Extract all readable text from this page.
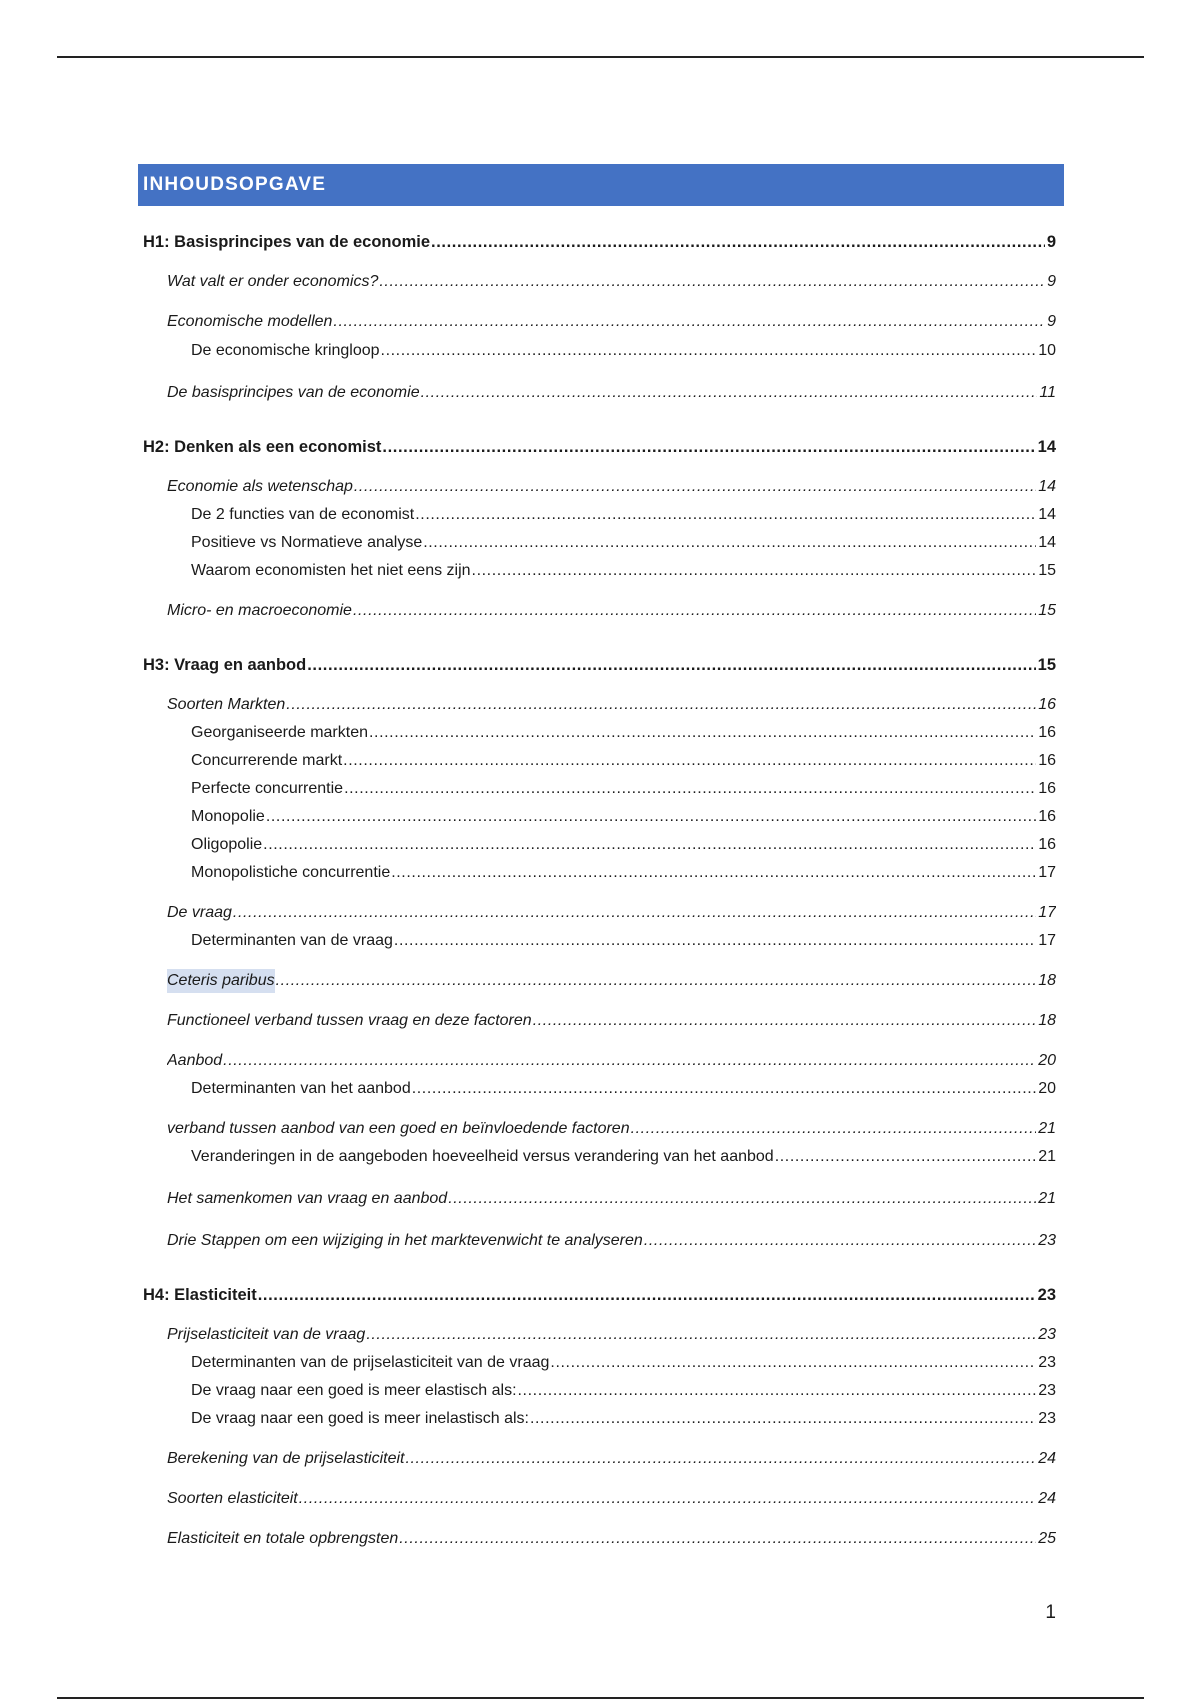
INHOUDSOPGAVE
H1: Basisprincipes van de economie .....	9
Wat valt er onder economics? .....	9
Economische modellen .....	9
De economische kringloop .....	10
De basisprincipes van de economie .....	11
H2: Denken als een economist .....	14
Economie als wetenschap .....	14
De 2 functies van de economist .....	14
Positieve vs Normatieve analyse .....	14
Waarom economisten het niet eens zijn .....	15
Micro- en macroeconomie .....	15
H3: Vraag en aanbod .....	15
Soorten Markten .....	16
Georganiseerde markten .....	16
Concurrerende markt .....	16
Perfecte concurrentie .....	16
Monopolie .....	16
Oligopolie .....	16
Monopolistiche concurrentie .....	17
De vraag .....	17
Determinanten van de vraag .....	17
Ceteris paribus .....	18
Functioneel verband tussen vraag en deze factoren .....	18
Aanbod .....	20
Determinanten van het aanbod .....	20
verband tussen aanbod van een goed en beïnvloedende factoren .....	21
Veranderingen in de aangeboden hoeveelheid versus verandering van het aanbod .....	21
Het samenkomen van vraag en aanbod .....	21
Drie Stappen om een wijziging in het marktevenwicht te analyseren .....	23
H4: Elasticiteit .....	23
Prijselasticiteit van de vraag .....	23
Determinanten van de prijselasticiteit van de vraag .....	23
De vraag naar een goed is meer elastisch als: .....	23
De vraag naar een goed is meer inelastisch als: .....	23
Berekening van de prijselasticiteit .....	24
Soorten elasticiteit .....	24
Elasticiteit en totale opbrengsten .....	25
1
